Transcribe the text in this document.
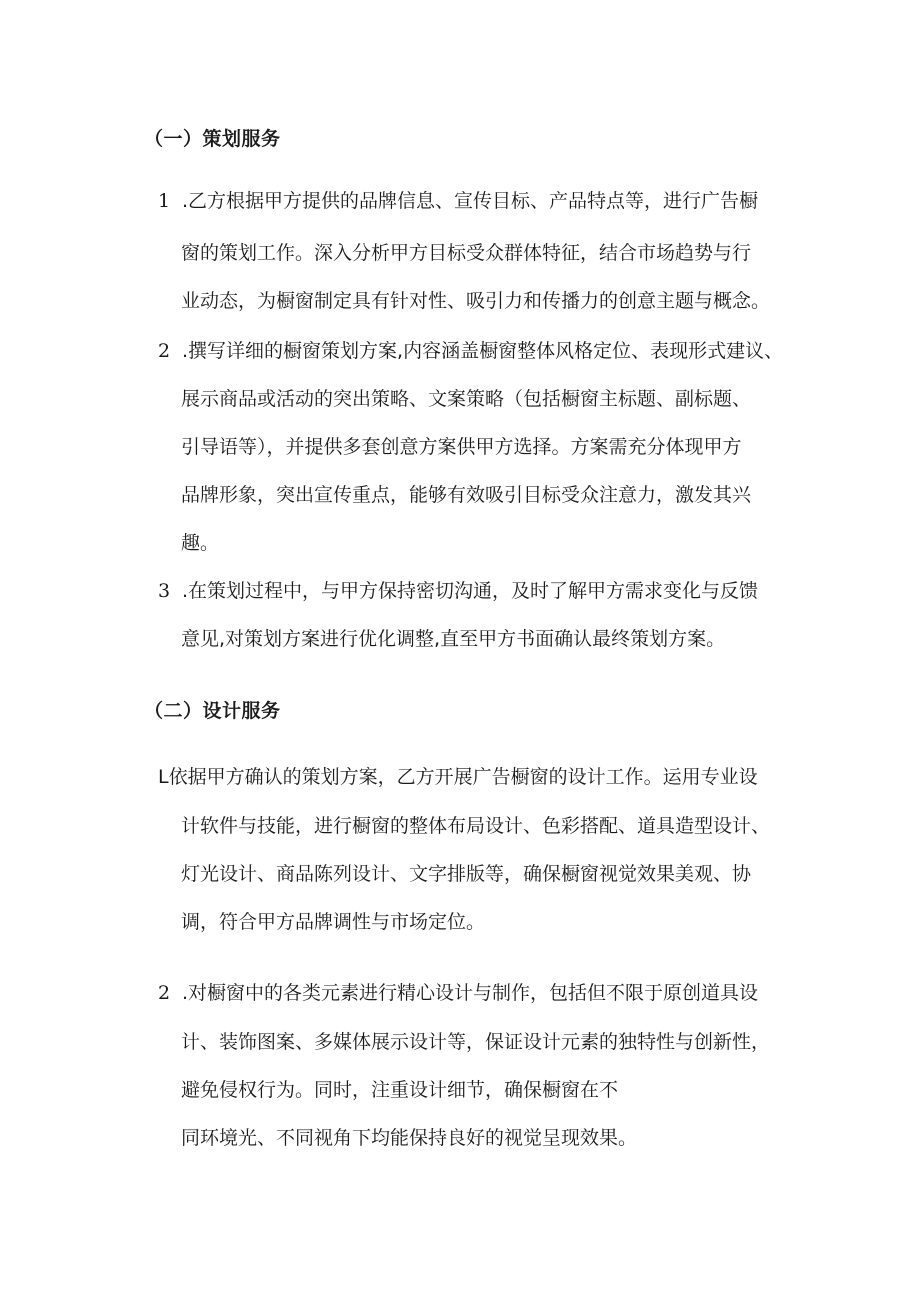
（一）策划服务
1 .乙方根据甲方提供的品牌信息、宣传目标、产品特点等，进行广告橱
窗的策划工作。深入分析甲方目标受众群体特征，结合市场趋势与行
业动态，为橱窗制定具有针对性、吸引力和传播力的创意主题与概念。
2 .撰写详细的橱窗策划方案,内容涵盖橱窗整体风格定位、表现形式建议、
展示商品或活动的突出策略、文案策略（包括橱窗主标题、副标题、
引导语等），并提供多套创意方案供甲方选择。方案需充分体现甲方
品牌形象，突出宣传重点，能够有效吸引目标受众注意力，激发其兴
趣。
3 .在策划过程中，与甲方保持密切沟通，及时了解甲方需求变化与反馈
意见,对策划方案进行优化调整,直至甲方书面确认最终策划方案。
（二）设计服务
L依据甲方确认的策划方案，乙方开展广告橱窗的设计工作。运用专业设
计软件与技能，进行橱窗的整体布局设计、色彩搭配、道具造型设计、
灯光设计、商品陈列设计、文字排版等，确保橱窗视觉效果美观、协
调，符合甲方品牌调性与市场定位。
2 .对橱窗中的各类元素进行精心设计与制作，包括但不限于原创道具设
计、装饰图案、多媒体展示设计等，保证设计元素的独特性与创新性，
避免侵权行为。同时，注重设计细节，确保橱窗在不
同环境光、不同视角下均能保持良好的视觉呈现效果。
